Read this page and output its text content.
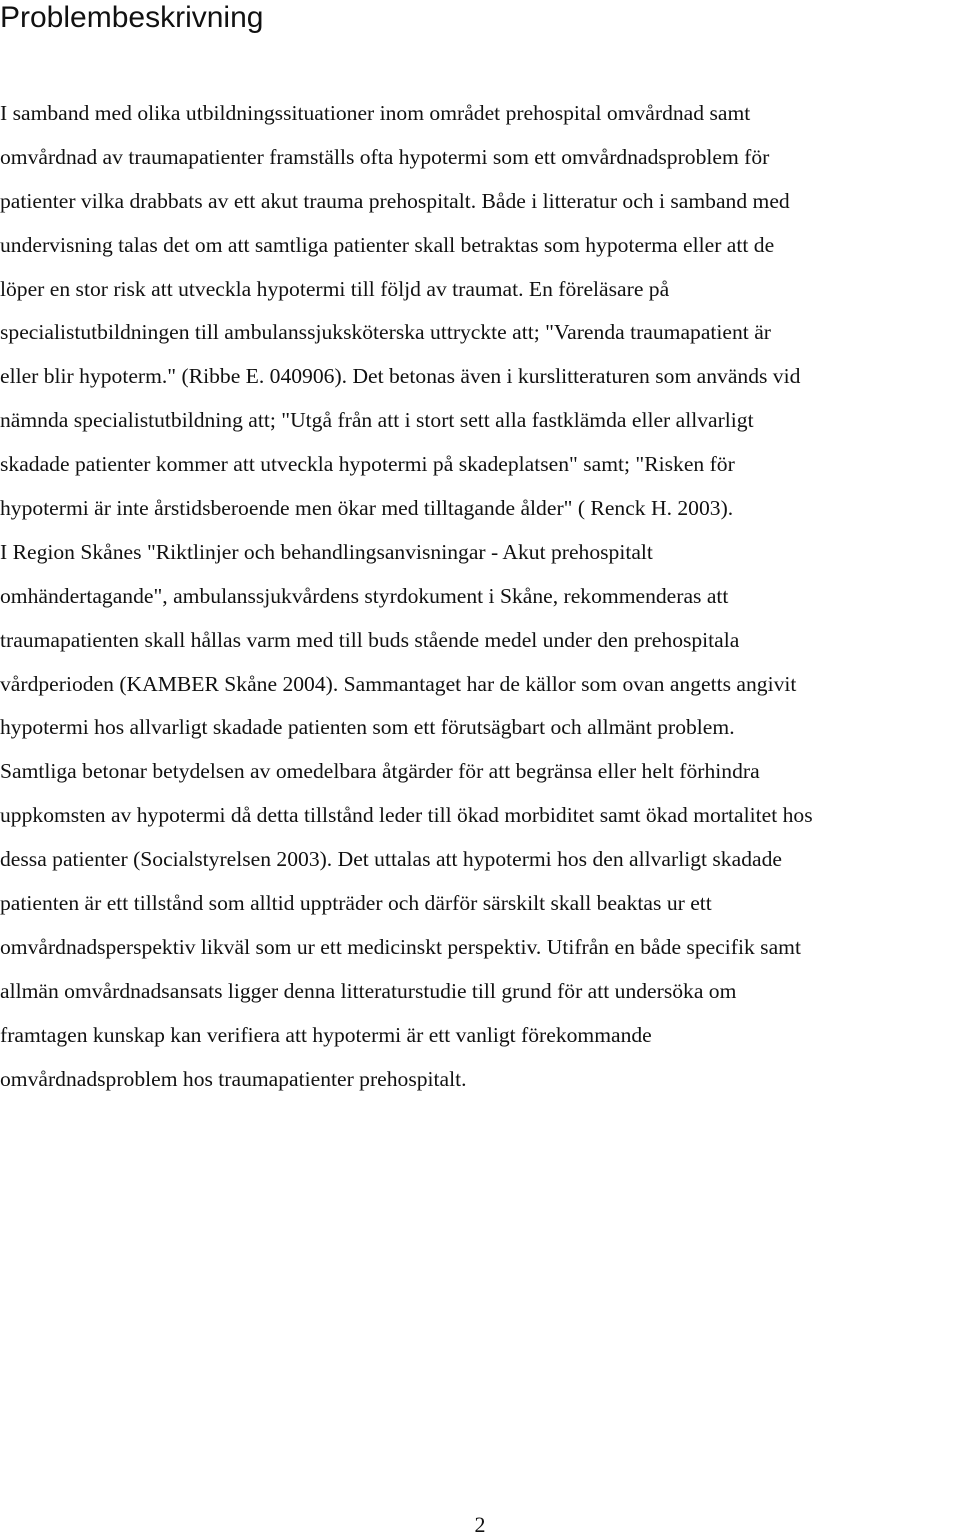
Problembeskrivning
I samband med olika utbildningssituationer inom området prehospital omvårdnad samt
omvårdnad av traumapatienter framställs ofta hypotermi som ett omvårdnadsproblem för
patienter vilka drabbats av ett akut trauma prehospitalt. Både i litteratur och i samband med
undervisning talas det om att samtliga patienter skall betraktas som hypoterma eller att de
löper en stor risk att utveckla hypotermi till följd av traumat. En föreläsare på
specialistutbildningen till ambulanssjuksköterska uttryckte att; "Varenda traumapatient är
eller blir hypoterm." (Ribbe E. 040906). Det betonas även i kurslitteraturen som används vid
nämnda specialistutbildning att; "Utgå från att i stort sett alla fastklämda eller allvarligt
skadade patienter kommer att utveckla hypotermi på skadeplatsen" samt; "Risken för
hypotermi är inte årstidsberoende men ökar med tilltagande ålder" ( Renck H. 2003).
I Region Skånes "Riktlinjer och behandlingsanvisningar - Akut prehospitalt
omhändertagande", ambulanssjukvårdens styrdokument i Skåne, rekommenderas att
traumapatienten skall hållas varm med till buds stående medel under den prehospitala
vårdperioden (KAMBER Skåne 2004). Sammantaget har de källor som ovan angetts angivit
hypotermi hos allvarligt skadade patienten som ett förutsägbart och allmänt problem.
Samtliga betonar betydelsen av omedelbara åtgärder för att begränsa eller helt förhindra
uppkomsten av hypotermi då detta tillstånd leder till ökad morbiditet samt ökad mortalitet hos
dessa patienter (Socialstyrelsen 2003). Det uttalas att hypotermi hos den allvarligt skadade
patienten är ett tillstånd som alltid uppträder och därför särskilt skall beaktas ur ett
omvårdnadsperspektiv likväl som ur ett medicinskt perspektiv. Utifrån en både specifik samt
allmän omvårdnadsansats ligger denna litteraturstudie till grund för att undersöka om
framtagen kunskap kan verifiera att hypotermi är ett vanligt förekommande
omvårdnadsproblem hos traumapatienter prehospitalt.
2
